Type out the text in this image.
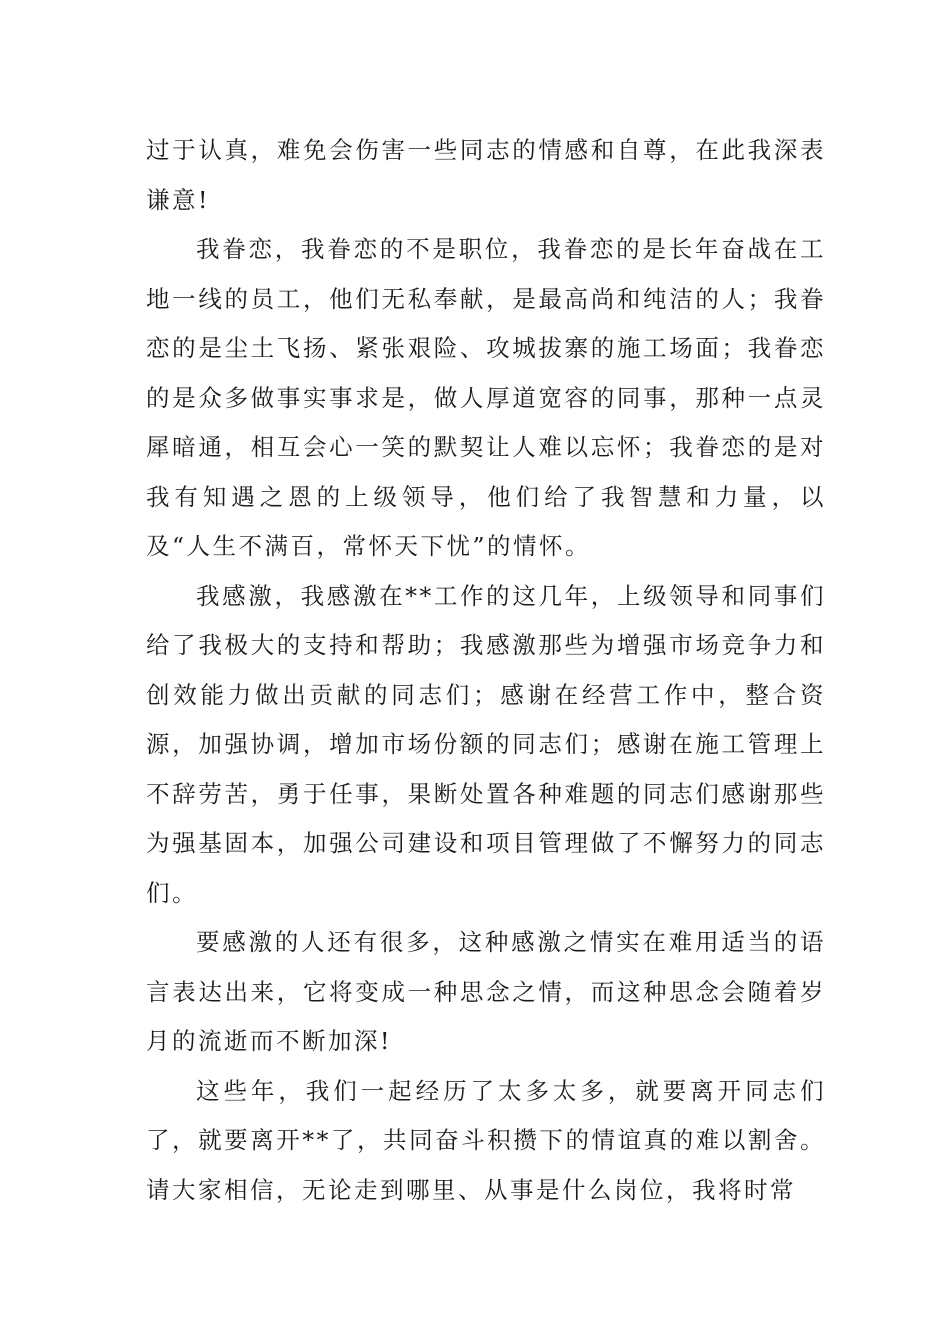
过于认真，难免会伤害一些同志的情感和自尊，在此我深表谦意!

我眷恋，我眷恋的不是职位，我眷恋的是长年奋战在工地一线的员工，他们无私奉献，是最高尚和纯洁的人；我眷恋的是尘土飞扬、紧张艰险、攻城拔寨的施工场面；我眷恋的是众多做事实事求是，做人厚道宽容的同事，那种一点灵犀暗通，相互会心一笑的默契让人难以忘怀；我眷恋的是对我有知遇之恩的上级领导，他们给了我智慧和力量，以及“人生不满百，常怀天下忧”的情怀。

我感激，我感激在**工作的这几年，上级领导和同事们给了我极大的支持和帮助；我感激那些为增强市场竞争力和创效能力做出贡献的同志们；感谢在经营工作中，整合资源，加强协调，增加市场份额的同志们；感谢在施工管理上不辞劳苦，勇于任事，果断处置各种难题的同志们感谢那些为强基固本，加强公司建设和项目管理做了不懈努力的同志们。

要感激的人还有很多，这种感激之情实在难用适当的语言表达出来，它将变成一种思念之情，而这种思念会随着岁月的流逝而不断加深!

这些年，我们一起经历了太多太多，就要离开同志们了，就要离开**了，共同奋斗积攒下的情谊真的难以割舍。请大家相信，无论走到哪里、从事是什么岗位，我将时常
